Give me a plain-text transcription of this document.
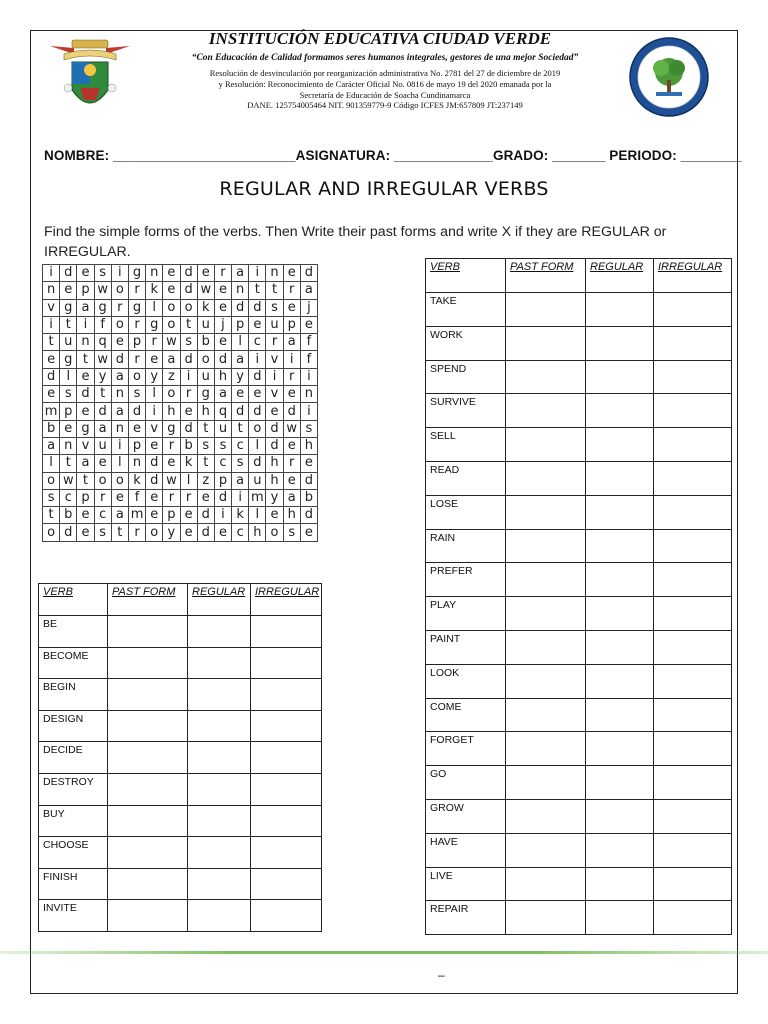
INSTITUCIÓN EDUCATIVA CIUDAD VERDE
“Con Educación de Calidad formamos seres humanos integrales, gestores de una mejor Sociedad”
Resolución de desvinculación por reorganización administrativa No. 2781 del 27 de diciembre de 2019
y Resolución: Reconocimiento de Carácter Oficial No. 0816 de mayo 19 del 2020 emanada por la
Secretaría de Educación de Soacha Cundinamarca
DANE. 125754005464 NIT. 901359779-9 Código ICFES JM:657809 JT:237149
NOMBRE: ________________________ASIGNATURA: _____________GRADO: _______ PERIODO: ________
REGULAR AND IRREGULAR VERBS
Find the simple forms of the verbs. Then Write their past forms and write X if they are REGULAR or IRREGULAR.
i	d	e	s	i	g	n	e	d	e	r	a	i	n	e	d
n	e	p	w	o	r	k	e	d	w	e	n	t	t	r	a
v	g	a	g	r	g	l	o	o	k	e	d	d	s	e	j
i	t	i	f	o	r	g	o	t	u	j	p	e	u	p	e
t	u	n	q	e	p	r	w	s	b	e	l	c	r	a	f
e	g	t	w	d	r	e	a	d	o	d	a	i	v	i	f
d	l	e	y	a	o	y	z	i	u	h	y	d	i	r	i
e	s	d	t	n	s	l	o	r	g	a	e	e	v	e	n
m	p	e	d	a	d	i	h	e	h	q	d	d	e	d	i
b	e	g	a	n	e	v	g	d	t	u	t	o	d	w	s
a	n	v	u	i	p	e	r	b	s	s	c	l	d	e	h
l	t	a	e	l	n	d	e	k	t	c	s	d	h	r	e
o	w	t	o	o	k	d	w	l	z	p	a	u	h	e	d
s	c	p	r	e	f	e	r	r	e	d	i	m	y	a	b
t	b	e	c	a	m	e	p	e	d	i	k	l	e	h	d
o	d	e	s	t	r	o	y	e	d	e	c	h	o	s	e
VERB	PAST FORM	REGULAR	IRREGULAR
BE			
BECOME			
BEGIN			
DESIGN			
DECIDE			
DESTROY			
BUY			
CHOOSE			
FINISH			
INVITE			
VERB	PAST FORM	REGULAR	IRREGULAR
TAKE			
WORK			
SPEND			
SURVIVE			
SELL			
READ			
LOSE			
RAIN			
PREFER			
PLAY			
PAINT			
LOOK			
COME			
FORGET			
GO			
GROW			
HAVE			
LIVE			
REPAIR			
–
